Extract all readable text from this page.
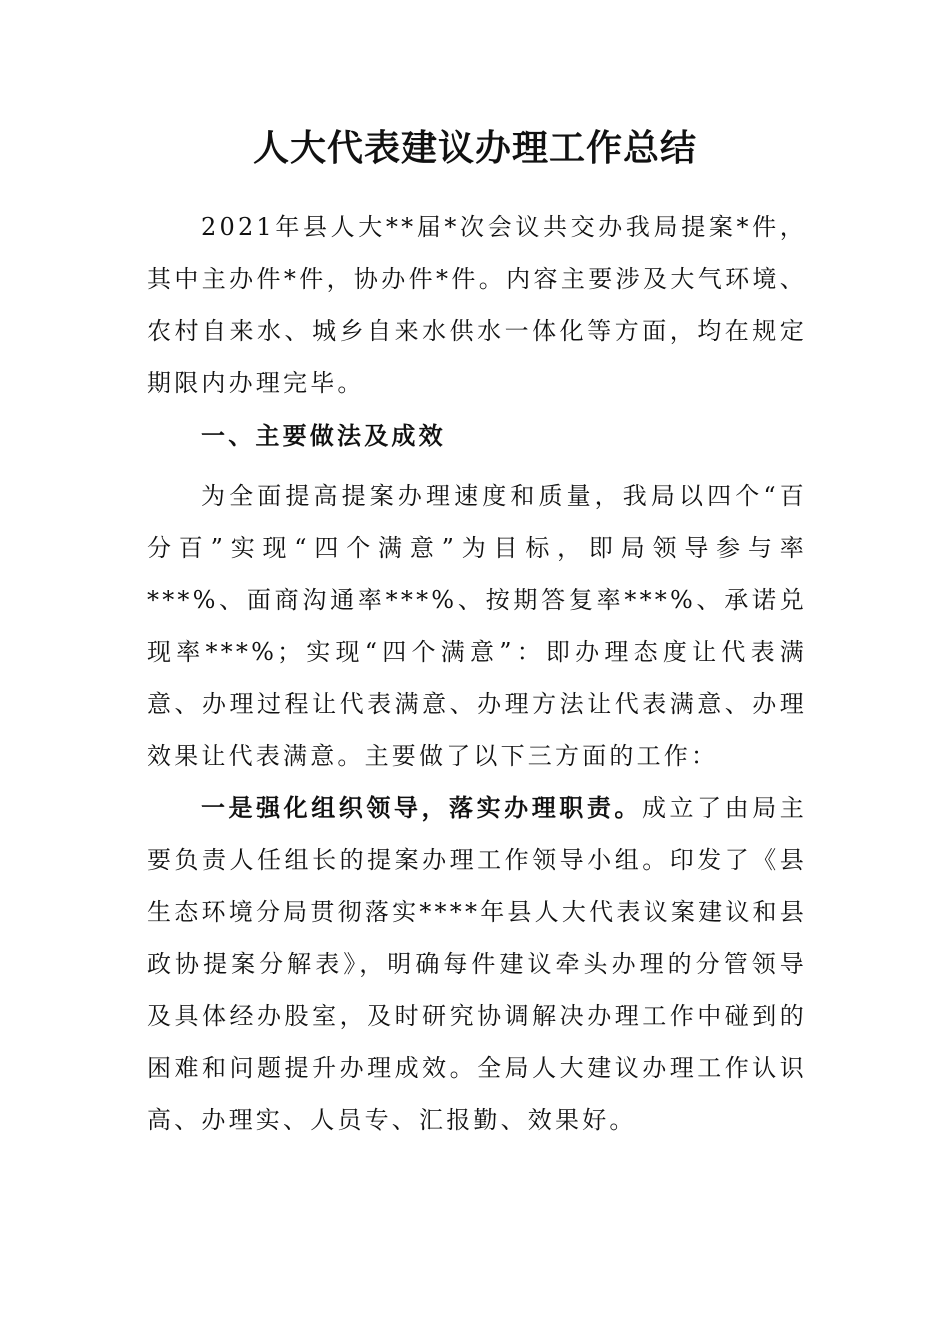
人大代表建议办理工作总结

2021年县人大**届*次会议共交办我局提案*件，其中主办件*件，协办件*件。内容主要涉及大气环境、农村自来水、城乡自来水供水一体化等方面，均在规定期限内办理完毕。

一、主要做法及成效

为全面提高提案办理速度和质量，我局以四个“百分百”实现“四个满意”为目标，即局领导参与率***%、面商沟通率***%、按期答复率***%、承诺兑现率***%；实现“四个满意”：即办理态度让代表满意、办理过程让代表满意、办理方法让代表满意、办理效果让代表满意。主要做了以下三方面的工作：

一是强化组织领导，落实办理职责。成立了由局主要负责人任组长的提案办理工作领导小组。印发了《县生态环境分局贯彻落实****年县人大代表议案建议和县政协提案分解表》，明确每件建议牵头办理的分管领导及具体经办股室，及时研究协调解决办理工作中碰到的困难和问题提升办理成效。全局人大建议办理工作认识高、办理实、人员专、汇报勤、效果好。
